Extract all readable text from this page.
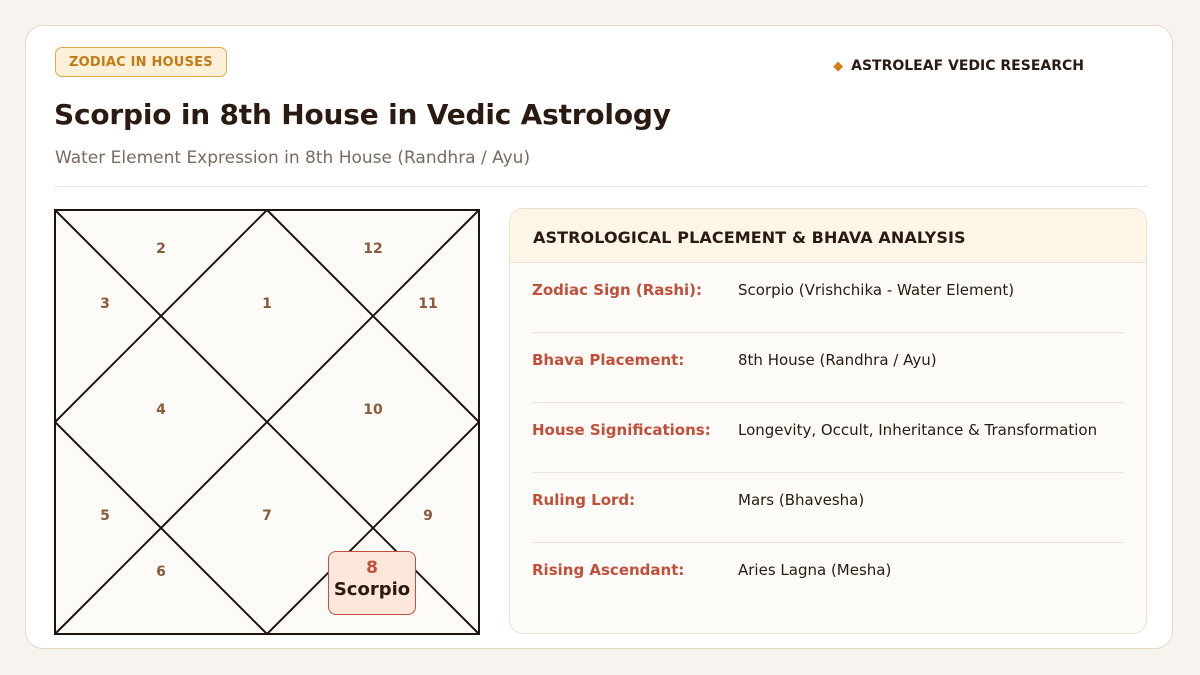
ZODIAC IN HOUSES	◆ ASTROLEAF VEDIC RESEARCH
Scorpio in 8th House in Vedic Astrology
Water Element Expression in 8th House (Randhra / Ayu)
1
2
3
4
5
6
7	9
10
11
12
8
Scorpio
ASTROLOGICAL PLACEMENT & BHAVA ANALYSIS
Zodiac Sign (Rashi):	Scorpio (Vrishchika - Water Element)
Bhava Placement:	8th House (Randhra / Ayu)
House Significations:	Longevity, Occult, Inheritance & Transformation
Ruling Lord:	Mars (Bhavesha)
Rising Ascendant:	Aries Lagna (Mesha)
